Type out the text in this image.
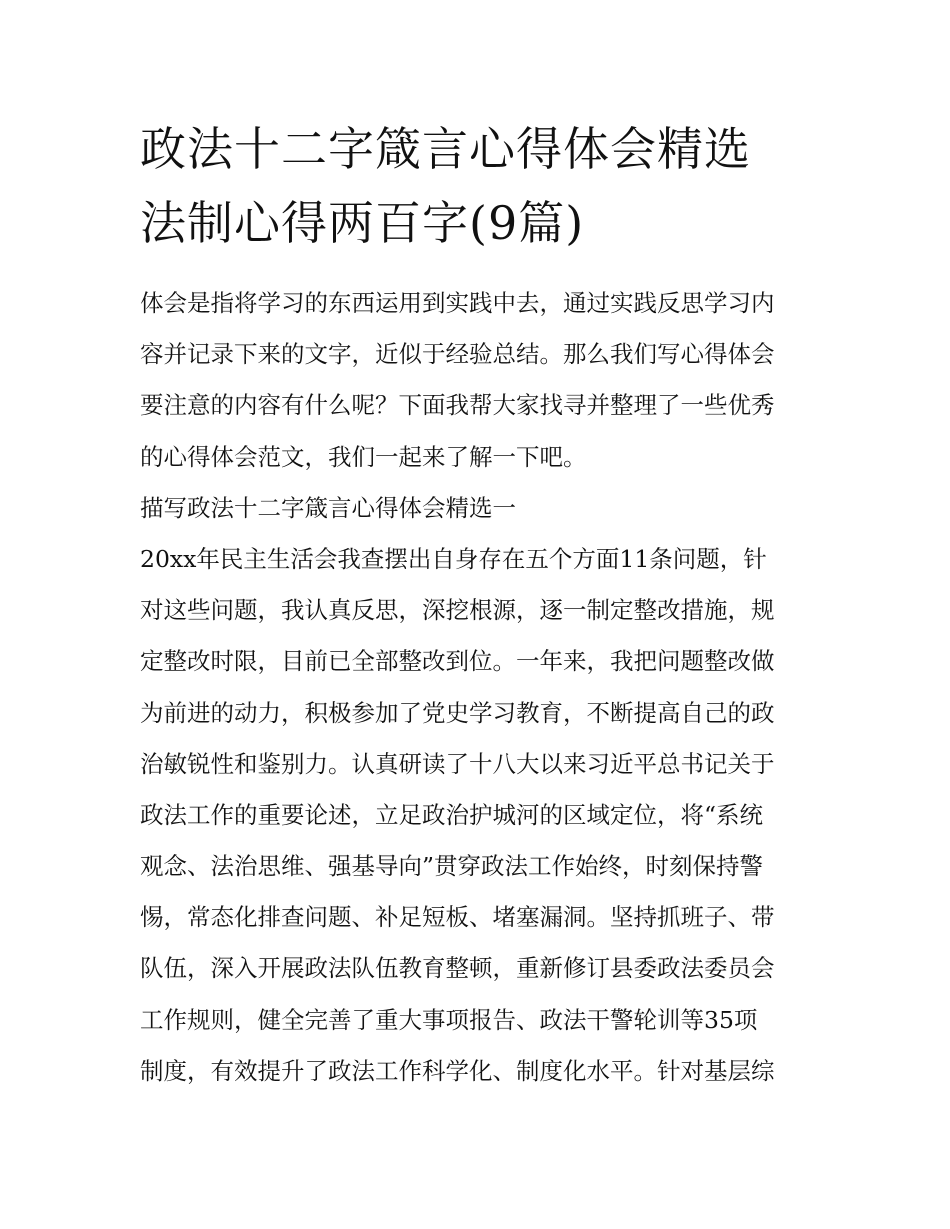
政法十二字箴言心得体会精选
法制心得两百字(9篇)
体会是指将学习的东西运用到实践中去，通过实践反思学习内
容并记录下来的文字，近似于经验总结。那么我们写心得体会
要注意的内容有什么呢？下面我帮大家找寻并整理了一些优秀
的心得体会范文，我们一起来了解一下吧。
描写政法十二字箴言心得体会精选一
20xx年民主生活会我查摆出自身存在五个方面11条问题，针
对这些问题，我认真反思，深挖根源，逐一制定整改措施，规
定整改时限，目前已全部整改到位。一年来，我把问题整改做
为前进的动力，积极参加了党史学习教育，不断提高自己的政
治敏锐性和鉴别力。认真研读了十八大以来习近平总书记关于
政法工作的重要论述，立足政治护城河的区域定位，将“系统
观念、法治思维、强基导向”贯穿政法工作始终，时刻保持警
惕，常态化排查问题、补足短板、堵塞漏洞。坚持抓班子、带
队伍，深入开展政法队伍教育整顿，重新修订县委政法委员会
工作规则，健全完善了重大事项报告、政法干警轮训等35项
制度，有效提升了政法工作科学化、制度化水平。针对基层综
